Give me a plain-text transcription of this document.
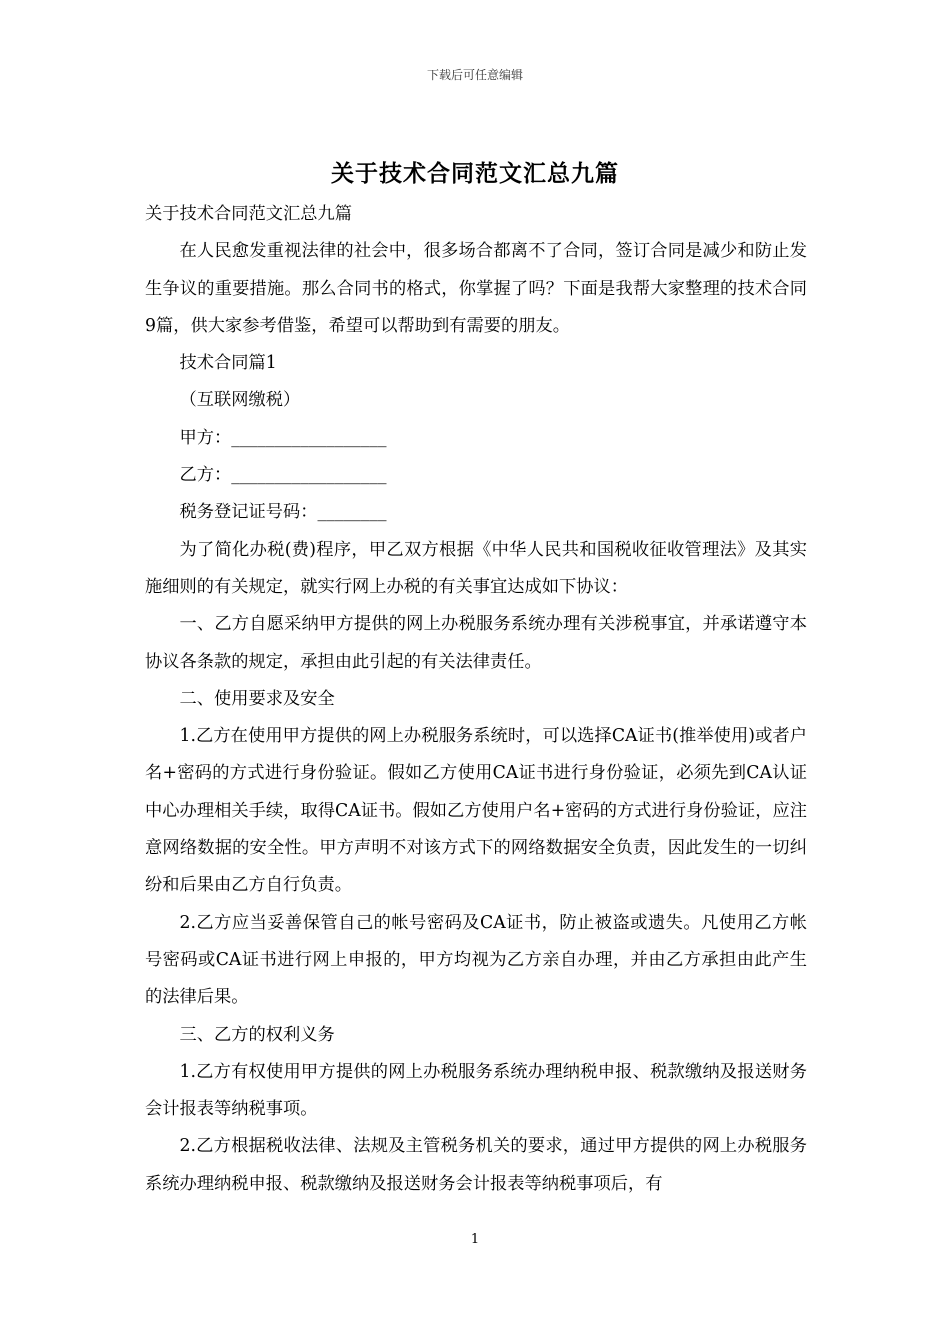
下载后可任意编辑
关于技术合同范文汇总九篇

关于技术合同范文汇总九篇

在人民愈发重视法律的社会中，很多场合都离不了合同，签订合同是减少和防止发生争议的重要措施。那么合同书的格式，你掌握了吗？下面是我帮大家整理的技术合同9篇，供大家参考借鉴，希望可以帮助到有需要的朋友。

技术合同篇1

（互联网缴税）

甲方：__________________

乙方：__________________

税务登记证号码：________

为了简化办税(费)程序，甲乙双方根据《中华人民共和国税收征收管理法》及其实施细则的有关规定，就实行网上办税的有关事宜达成如下协议：

一、乙方自愿采纳甲方提供的网上办税服务系统办理有关涉税事宜，并承诺遵守本协议各条款的规定，承担由此引起的有关法律责任。

二、使用要求及安全

1.乙方在使用甲方提供的网上办税服务系统时，可以选择CA证书(推举使用)或者户名+密码的方式进行身份验证。假如乙方使用CA证书进行身份验证，必须先到CA认证中心办理相关手续，取得CA证书。假如乙方使用户名+密码的方式进行身份验证，应注意网络数据的安全性。甲方声明不对该方式下的网络数据安全负责，因此发生的一切纠纷和后果由乙方自行负责。

2.乙方应当妥善保管自己的帐号密码及CA证书，防止被盗或遗失。凡使用乙方帐号密码或CA证书进行网上申报的，甲方均视为乙方亲自办理，并由乙方承担由此产生的法律后果。

三、乙方的权利义务

1.乙方有权使用甲方提供的网上办税服务系统办理纳税申报、税款缴纳及报送财务会计报表等纳税事项。

2.乙方根据税收法律、法规及主管税务机关的要求，通过甲方提供的网上办税服务系统办理纳税申报、税款缴纳及报送财务会计报表等纳税事项后，有

1
